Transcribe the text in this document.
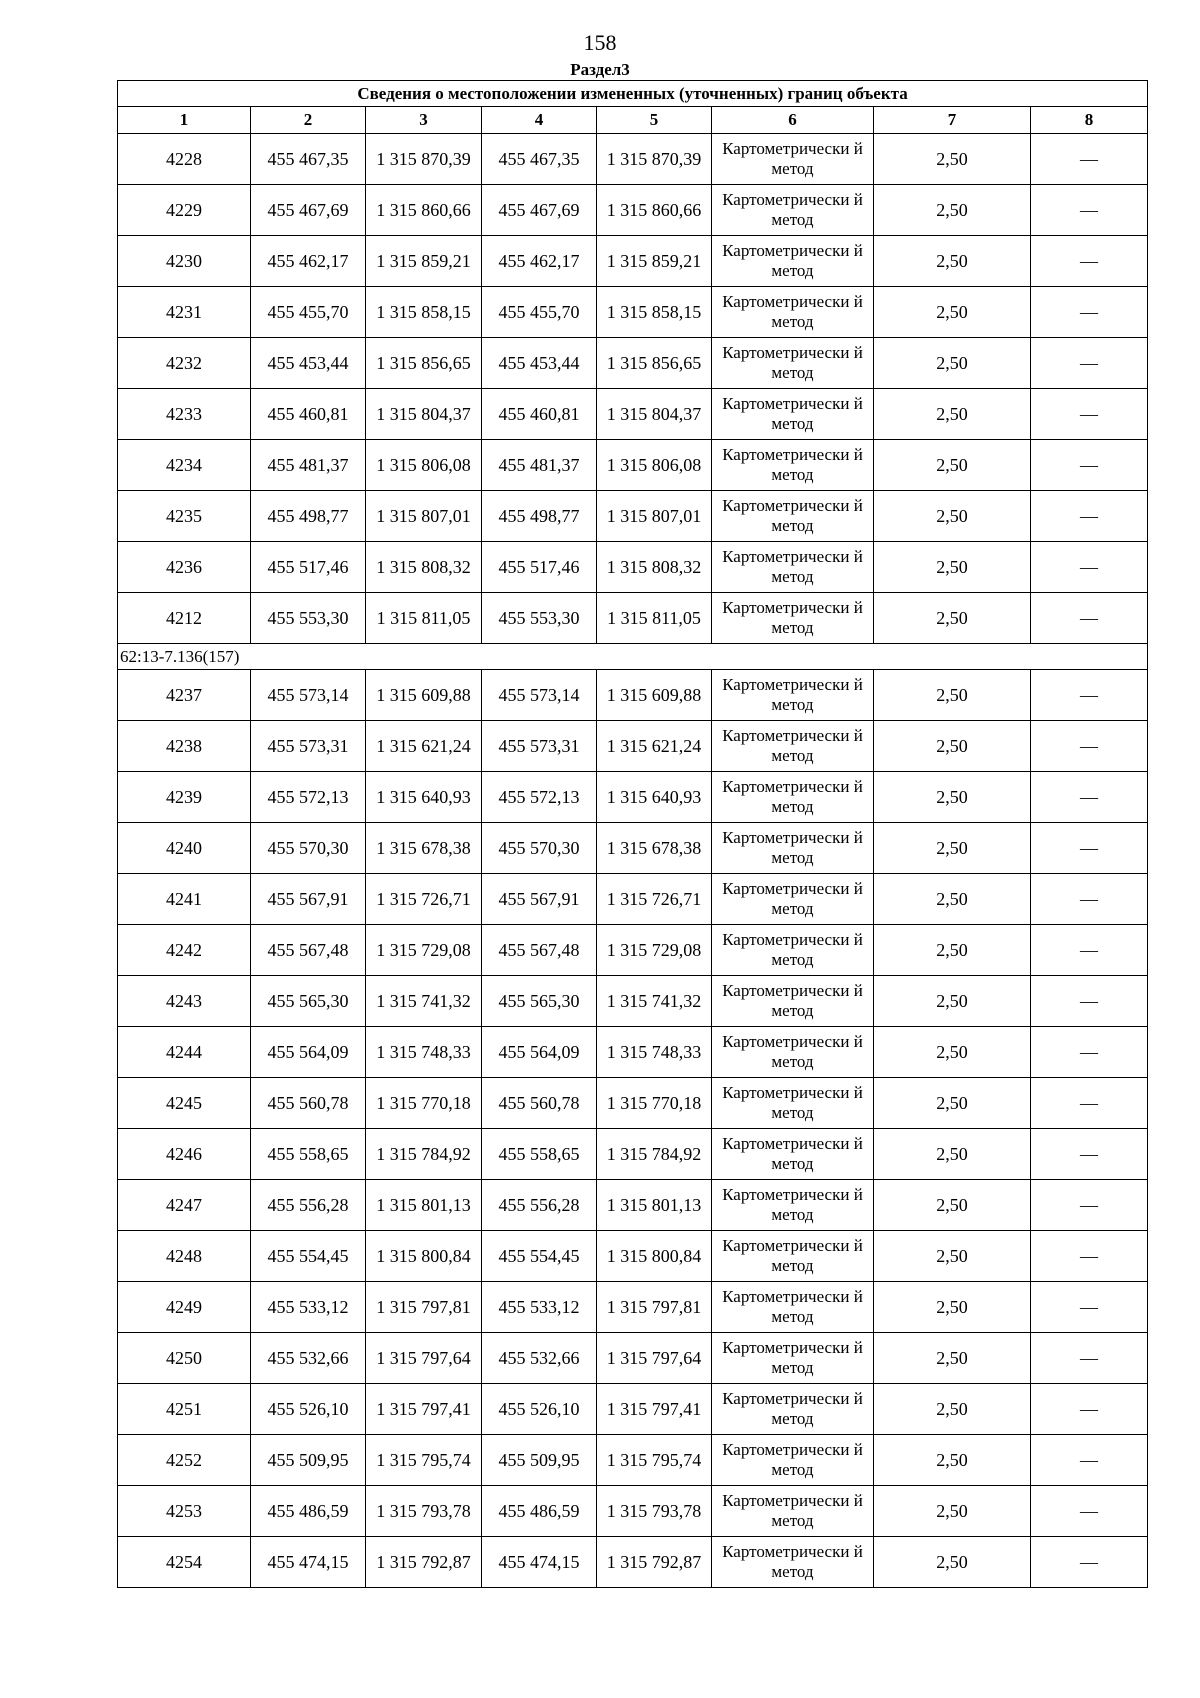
158
Раздел3
Сведения о местоположении измененных (уточненных) границ объекта							
1	2	3	4	5	6	7	8
4228	455 467,35	1 315 870,39	455 467,35	1 315 870,39	Картометрически й метод	2,50	—
4229	455 467,69	1 315 860,66	455 467,69	1 315 860,66	Картометрически й метод	2,50	—
4230	455 462,17	1 315 859,21	455 462,17	1 315 859,21	Картометрически й метод	2,50	—
4231	455 455,70	1 315 858,15	455 455,70	1 315 858,15	Картометрически й метод	2,50	—
4232	455 453,44	1 315 856,65	455 453,44	1 315 856,65	Картометрически й метод	2,50	—
4233	455 460,81	1 315 804,37	455 460,81	1 315 804,37	Картометрически й метод	2,50	—
4234	455 481,37	1 315 806,08	455 481,37	1 315 806,08	Картометрически й метод	2,50	—
4235	455 498,77	1 315 807,01	455 498,77	1 315 807,01	Картометрически й метод	2,50	—
4236	455 517,46	1 315 808,32	455 517,46	1 315 808,32	Картометрически й метод	2,50	—
4212	455 553,30	1 315 811,05	455 553,30	1 315 811,05	Картометрически й метод	2,50	—
62:13-7.136(157)							
4237	455 573,14	1 315 609,88	455 573,14	1 315 609,88	Картометрически й метод	2,50	—
4238	455 573,31	1 315 621,24	455 573,31	1 315 621,24	Картометрически й метод	2,50	—
4239	455 572,13	1 315 640,93	455 572,13	1 315 640,93	Картометрически й метод	2,50	—
4240	455 570,30	1 315 678,38	455 570,30	1 315 678,38	Картометрически й метод	2,50	—
4241	455 567,91	1 315 726,71	455 567,91	1 315 726,71	Картометрически й метод	2,50	—
4242	455 567,48	1 315 729,08	455 567,48	1 315 729,08	Картометрически й метод	2,50	—
4243	455 565,30	1 315 741,32	455 565,30	1 315 741,32	Картометрически й метод	2,50	—
4244	455 564,09	1 315 748,33	455 564,09	1 315 748,33	Картометрически й метод	2,50	—
4245	455 560,78	1 315 770,18	455 560,78	1 315 770,18	Картометрически й метод	2,50	—
4246	455 558,65	1 315 784,92	455 558,65	1 315 784,92	Картометрически й метод	2,50	—
4247	455 556,28	1 315 801,13	455 556,28	1 315 801,13	Картометрически й метод	2,50	—
4248	455 554,45	1 315 800,84	455 554,45	1 315 800,84	Картометрически й метод	2,50	—
4249	455 533,12	1 315 797,81	455 533,12	1 315 797,81	Картометрически й метод	2,50	—
4250	455 532,66	1 315 797,64	455 532,66	1 315 797,64	Картометрически й метод	2,50	—
4251	455 526,10	1 315 797,41	455 526,10	1 315 797,41	Картометрически й метод	2,50	—
4252	455 509,95	1 315 795,74	455 509,95	1 315 795,74	Картометрически й метод	2,50	—
4253	455 486,59	1 315 793,78	455 486,59	1 315 793,78	Картометрически й метод	2,50	—
4254	455 474,15	1 315 792,87	455 474,15	1 315 792,87	Картометрически й метод	2,50	—
